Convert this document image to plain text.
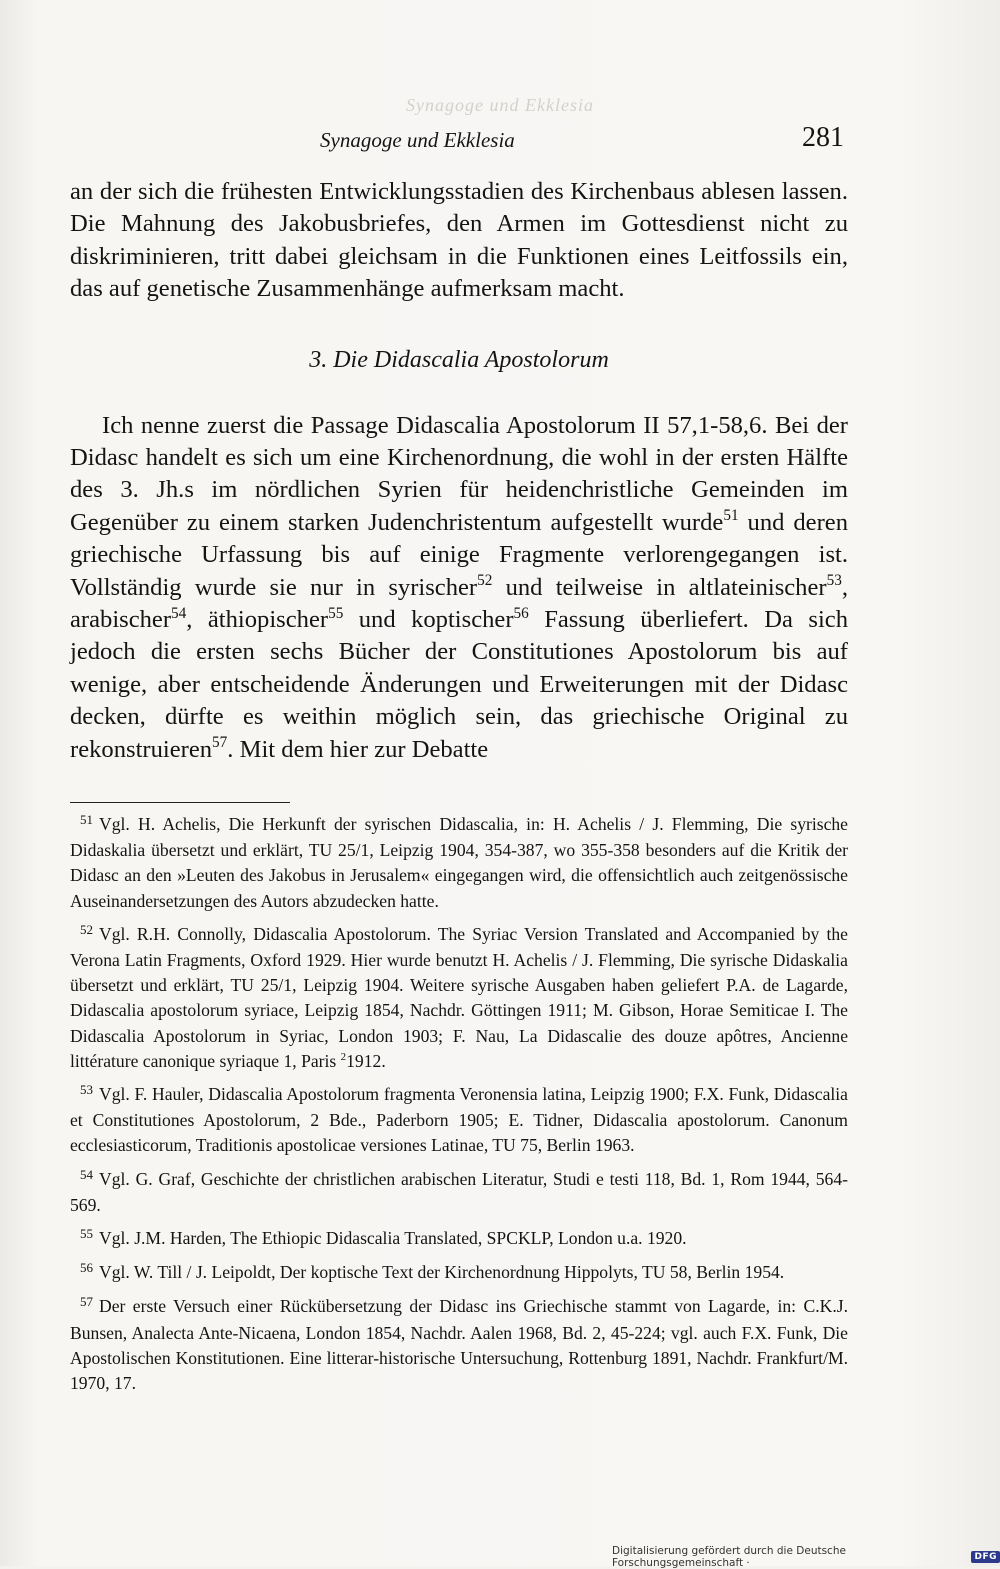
Synagoge und Ekklesia
Synagoge und Ekklesia	281

an der sich die frühesten Entwicklungsstadien des Kirchenbaus ablesen lassen. Die Mahnung des Jakobusbriefes, den Armen im Gottesdienst nicht zu diskriminieren, tritt dabei gleichsam in die Funktionen eines Leitfossils ein, das auf genetische Zusammenhänge aufmerksam macht.

3. Die Didascalia Apostolorum

Ich nenne zuerst die Passage Didascalia Apostolorum II 57,1-58,6. Bei der Didasc handelt es sich um eine Kirchenordnung, die wohl in der ersten Hälfte des 3. Jh.s im nördlichen Syrien für heidenchristliche Gemeinden im Gegenüber zu einem starken Judenchristentum aufgestellt wurde$^{51}$ und deren griechische Urfassung bis auf einige Fragmente verlorengegangen ist. Vollständig wurde sie nur in syrischer$^{52}$ und teilweise in altlateinischer$^{53}$, arabischer$^{54}$, äthiopischer$^{55}$ und koptischer$^{56}$ Fassung überliefert. Da sich jedoch die ersten sechs Bücher der Constitutiones Apostolorum bis auf wenige, aber entscheidende Änderungen und Erweiterungen mit der Didasc decken, dürfte es weithin möglich sein, das griechische Original zu rekonstruieren$^{57}$. Mit dem hier zur Debatte

$^{51}$ Vgl. H. Achelis, Die Herkunft der syrischen Didascalia, in: H. Achelis / J. Flemming, Die syrische Didaskalia übersetzt und erklärt, TU 25/1, Leipzig 1904, 354-387, wo 355-358 besonders auf die Kritik der Didasc an den »Leuten des Jakobus in Jerusalem« eingegangen wird, die offensichtlich auch zeitgenössische Auseinandersetzungen des Autors abzudecken hatte.

$^{52}$ Vgl. R.H. Connolly, Didascalia Apostolorum. The Syriac Version Translated and Accompanied by the Verona Latin Fragments, Oxford 1929. Hier wurde benutzt H. Achelis / J. Flemming, Die syrische Didaskalia übersetzt und erklärt, TU 25/1, Leipzig 1904. Weitere syrische Ausgaben haben geliefert P.A. de Lagarde, Didascalia apostolorum syriace, Leipzig 1854, Nachdr. Göttingen 1911; M. Gibson, Horae Semiticae I. The Didascalia Apostolorum in Syriac, London 1903; F. Nau, La Didascalie des douze apôtres, Ancienne littérature canonique syriaque 1, Paris $^2$1912.

$^{53}$ Vgl. F. Hauler, Didascalia Apostolorum fragmenta Veronensia latina, Leipzig 1900; F.X. Funk, Didascalia et Constitutiones Apostolorum, 2 Bde., Paderborn 1905; E. Tidner, Didascalia apostolorum. Canonum ecclesiasticorum, Traditionis apostolicae versiones Latinae, TU 75, Berlin 1963.

$^{54}$ Vgl. G. Graf, Geschichte der christlichen arabischen Literatur, Studi e testi 118, Bd. 1, Rom 1944, 564-569.

$^{55}$ Vgl. J.M. Harden, The Ethiopic Didascalia Translated, SPCKLP, London u.a. 1920.

$^{56}$ Vgl. W. Till / J. Leipoldt, Der koptische Text der Kirchenordnung Hippolyts, TU 58, Berlin 1954.

$^{57}$ Der erste Versuch einer Rückübersetzung der Didasc ins Griechische stammt von Lagarde, in: C.K.J. Bunsen, Analecta Ante-Nicaena, London 1854, Nachdr. Aalen 1968, Bd. 2, 45-224; vgl. auch F.X. Funk, Die Apostolischen Konstitutionen. Eine litterar-historische Untersuchung, Rottenburg 1891, Nachdr. Frankfurt/M. 1970, 17.

Digitalisierung gefördert durch die Deutsche Forschungsgemeinschaft ·	DFG
